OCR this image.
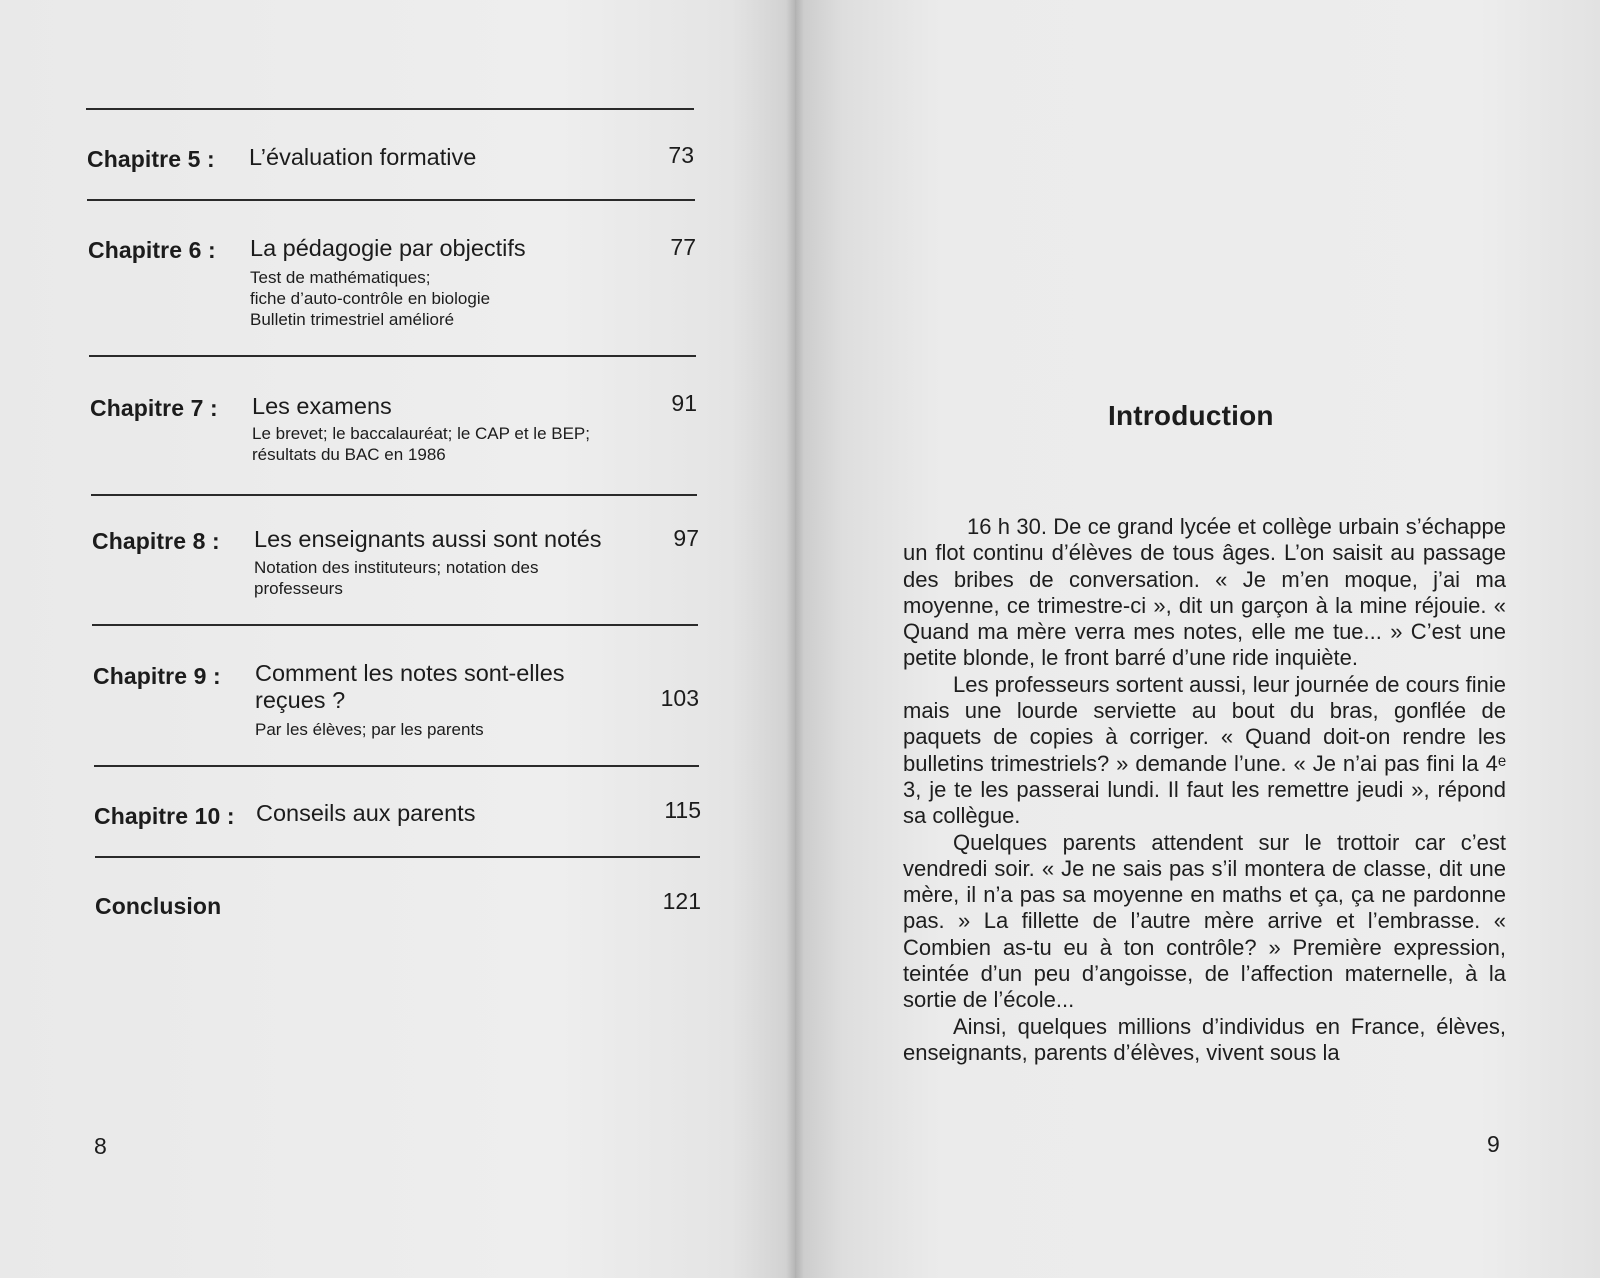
Chapitre 5 : L’évaluation formative	73
Chapitre 6 : La pédagogie par objectifs	77
Test de mathématiques;
fiche d’auto-contrôle en biologie
Bulletin trimestriel amélioré
Chapitre 7 : Les examens	91
Le brevet; le baccalauréat; le CAP et le BEP;
résultats du BAC en 1986
Chapitre 8 : Les enseignants aussi sont notés	97
Notation des instituteurs; notation des
professeurs
Chapitre 9 : Comment les notes sont-elles reçues ?	103
Par les élèves; par les parents
Chapitre 10 : Conseils aux parents	115
Conclusion	121
8
Introduction

16 h 30. De ce grand lycée et collège urbain s’échappe un flot continu d’élèves de tous âges. L’on saisit au passage des bribes de conversation. « Je m’en moque, j’ai ma moyenne, ce trimestre-ci », dit un garçon à la mine réjouie. « Quand ma mère verra mes notes, elle me tue... » C’est une petite blonde, le front barré d’une ride inquiète.

Les professeurs sortent aussi, leur journée de cours finie mais une lourde serviette au bout du bras, gonflée de paquets de copies à corriger. « Quand doit-on rendre les bulletins trimestriels? » demande l’une. « Je n’ai pas fini la 4ᵉ 3, je te les passerai lundi. Il faut les remettre jeudi », répond sa collègue.

Quelques parents attendent sur le trottoir car c’est vendredi soir. « Je ne sais pas s’il montera de classe, dit une mère, il n’a pas sa moyenne en maths et ça, ça ne pardonne pas. » La fillette de l’autre mère arrive et l’embrasse. « Combien as-tu eu à ton contrôle? » Première expression, teintée d’un peu d’angoisse, de l’affection maternelle, à la sortie de l’école...

Ainsi, quelques millions d’individus en France, élèves, enseignants, parents d’élèves, vivent sous la

9
